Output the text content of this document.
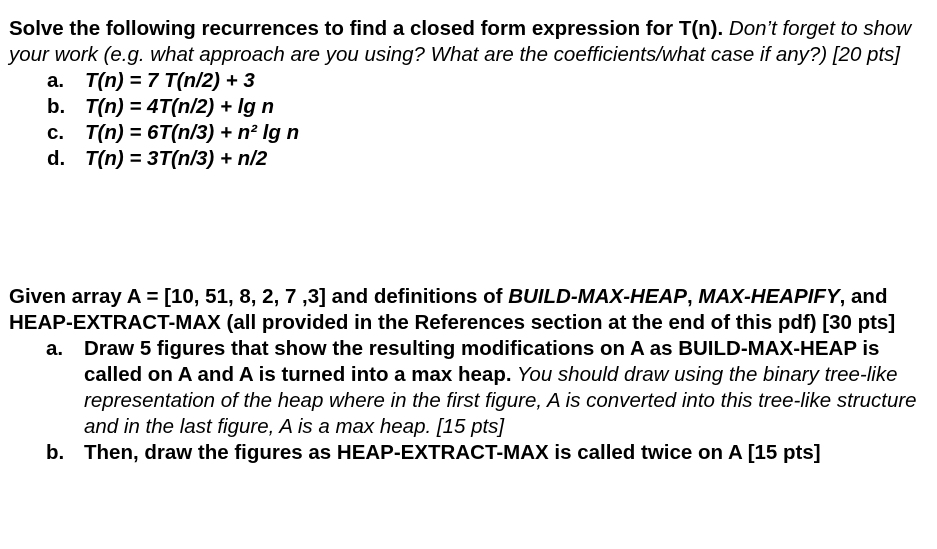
Solve the following recurrences to find a closed form expression for T(n). Don’t forget to show your work (e.g. what approach are you using? What are the coefficients/what case if any?) [20 pts]

a. T(n) = 7 T(n/2) + 3
b. T(n) = 4T(n/2) + lg n
c. T(n) = 6T(n/3) + n² lg n
d. T(n) = 3T(n/3) + n/2

Given array A = [10, 51, 8, 2, 7 ,3] and definitions of BUILD-MAX-HEAP, MAX-HEAPIFY, and HEAP-EXTRACT-MAX (all provided in the References section at the end of this pdf) [30 pts]

a. Draw 5 figures that show the resulting modifications on A as BUILD-MAX-HEAP is called on A and A is turned into a max heap. You should draw using the binary tree-like representation of the heap where in the first figure, A is converted into this tree-like structure and in the last figure, A is a max heap. [15 pts]
b. Then, draw the figures as HEAP-EXTRACT-MAX is called twice on A [15 pts]
